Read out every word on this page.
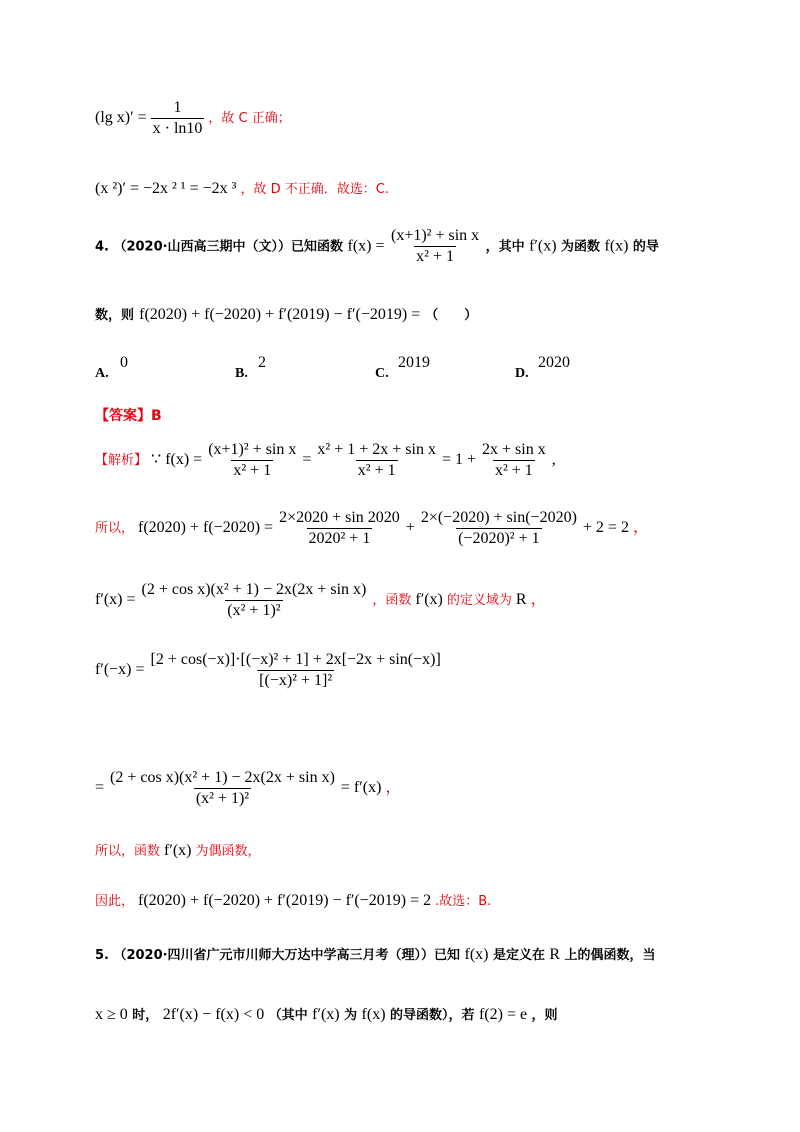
(lg $x)' = \frac{1}{x \cdot \ln 10}$ ，故 C 正确；
(x ²)′ = −2x ² ¹ = −2x ³ ，故 D 不正确．故选：C.
4. （2020·山西高三期中（文））已知函数 $f(x) = \frac{\text{(x+1)² + sin x}}{\text{x² + 1}}$ ，其中 f′(x) 为函数 f(x) 的导
数，则 f(2020) + f(−2020) + f′(2019) − f′(−2019) = （　　）
A.
0
B.
2
C.
2019
D.
2020
【答案】B
【解析】 ∵ $f(x) = \frac{\text{(x+1)² + sin x}}{\text{x² + 1}} = \frac{\text{x² + 1 + 2x + sin x}}{\text{x² + 1}} = 1 + \frac{\text{2x + sin x}}{\text{x² + 1}}$ ,
所以， $f(2020) + f(-2020) = \frac{2\times 2020 + \sin 2020}{\text{2020² + 1}} + \frac{2\times(-2020) + \sin(-2020)}{\text{(−2020)² + 1}} + 2 = 2$ ，
$f'(x) = \frac{\text{(2 + cos x)(x² + 1) − 2x(2x + sin x)}}{\text{(x² + 1)²}}$ ，函数 f′(x) 的定义域为 R ，
$f'(-x) = \frac{\text{[2 + cos(−x)]·[(−x)² + 1] + 2x[−2x + sin(−x)]}}{\text{[(−x)² + 1]²}}$
= $\frac{\text{(2 + cos x)(x² + 1) − 2x(2x + sin x)}}{\text{(x² + 1)²}} = f'(x)$ ，
所以，函数 f′(x) 为偶函数，
因此， f(2020) + f(−2020) + f′(2019) − f′(−2019) = 2 .故选：B.
5. （2020·四川省广元市川师大万达中学高三月考（理））已知 f(x) 是定义在 R 上的偶函数，当
x ≥ 0 时， 2f′(x) − f(x) < 0 （其中 f′(x) 为 f(x) 的导函数），若 f(2) = e ，则
